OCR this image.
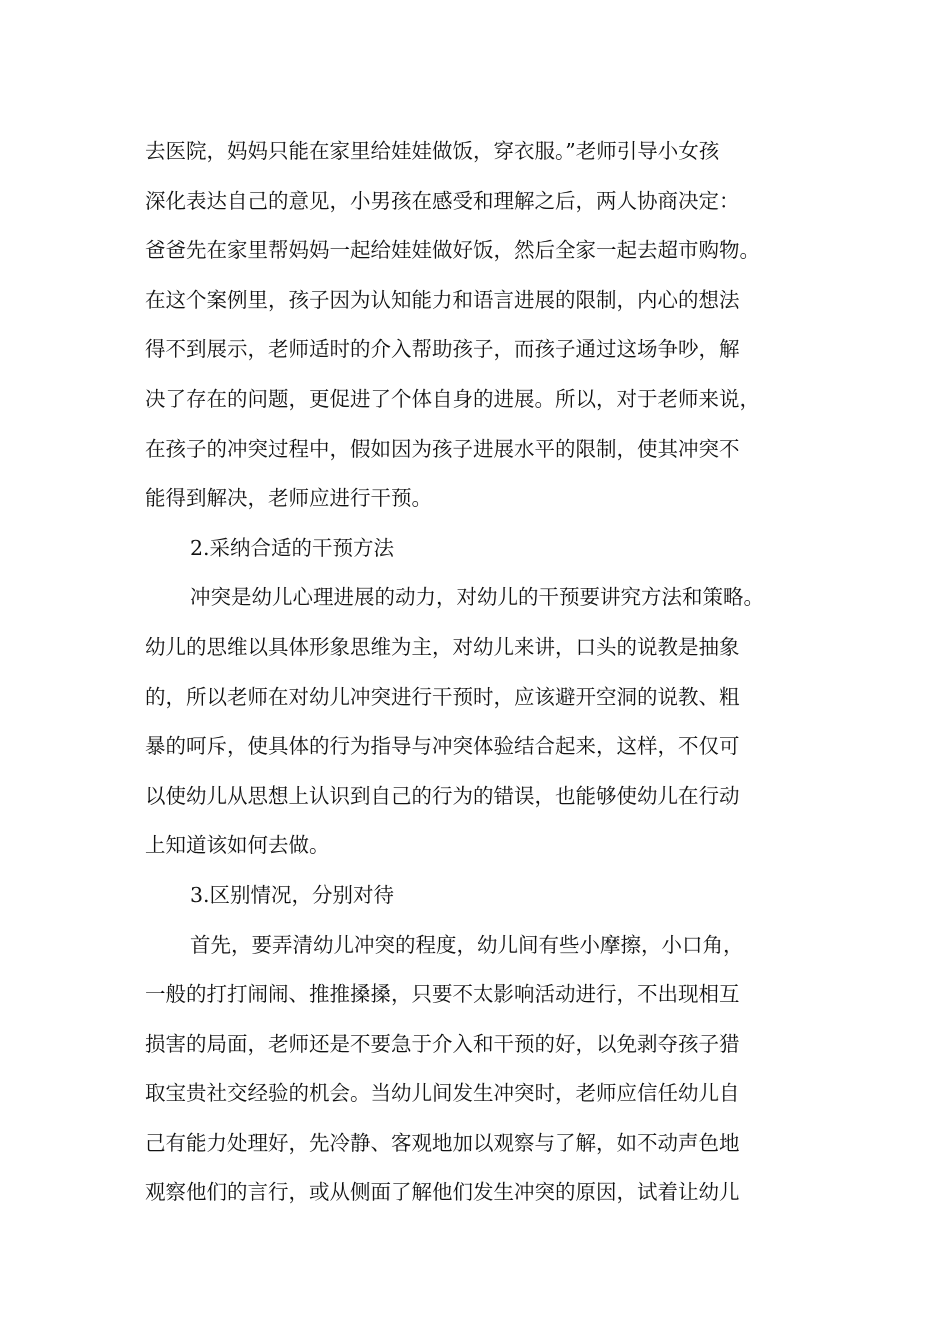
去医院，妈妈只能在家里给娃娃做饭，穿衣服。”老师引导小女孩
深化表达自己的意见，小男孩在感受和理解之后，两人协商决定：
爸爸先在家里帮妈妈一起给娃娃做好饭，然后全家一起去超市购物。
在这个案例里，孩子因为认知能力和语言进展的限制，内心的想法
得不到展示，老师适时的介入帮助孩子，而孩子通过这场争吵，解
决了存在的问题，更促进了个体自身的进展。所以，对于老师来说，
在孩子的冲突过程中，假如因为孩子进展水平的限制，使其冲突不
能得到解决，老师应进行干预。
2.采纳合适的干预方法
冲突是幼儿心理进展的动力，对幼儿的干预要讲究方法和策略。
幼儿的思维以具体形象思维为主，对幼儿来讲，口头的说教是抽象
的，所以老师在对幼儿冲突进行干预时，应该避开空洞的说教、粗
暴的呵斥，使具体的行为指导与冲突体验结合起来，这样，不仅可
以使幼儿从思想上认识到自己的行为的错误，也能够使幼儿在行动
上知道该如何去做。
3.区别情况，分别对待
首先，要弄清幼儿冲突的程度，幼儿间有些小摩擦，小口角，
一般的打打闹闹、推推搡搡，只要不太影响活动进行，不出现相互
损害的局面，老师还是不要急于介入和干预的好，以免剥夺孩子猎
取宝贵社交经验的机会。当幼儿间发生冲突时，老师应信任幼儿自
己有能力处理好，先冷静、客观地加以观察与了解，如不动声色地
观察他们的言行，或从侧面了解他们发生冲突的原因，试着让幼儿
